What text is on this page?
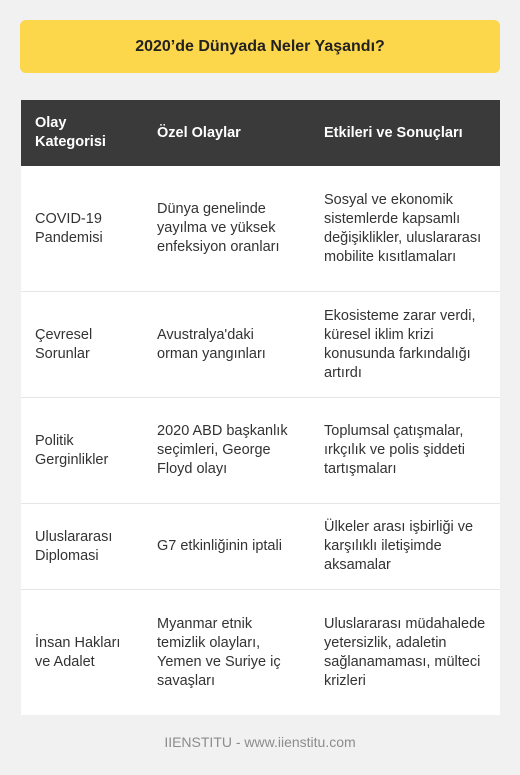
2020’de Dünyada Neler Yaşandı?
Olay Kategorisi	Özel Olaylar	Etkileri ve Sonuçları
COVID-19 Pandemisi	Dünya genelinde yayılma ve yüksek enfeksiyon oranları	Sosyal ve ekonomik sistemlerde kapsamlı değişiklikler, uluslararası mobilite kısıtlamaları
Çevresel Sorunlar	Avustralya'daki orman yangınları	Ekosisteme zarar verdi, küresel iklim krizi konusunda farkındalığı artırdı
Politik Gerginlikler	2020 ABD başkanlık seçimleri, George Floyd olayı	Toplumsal çatışmalar, ırkçılık ve polis şiddeti tartışmaları
Uluslararası Diplomasi	G7 etkinliğinin iptali	Ülkeler arası işbirliği ve karşılıklı iletişimde aksamalar
İnsan Hakları ve Adalet	Myanmar etnik temizlik olayları, Yemen ve Suriye iç savaşları	Uluslararası müdahalede yetersizlik, adaletin sağlanamaması, mülteci krizleri
IIENSTITU - www.iienstitu.com
